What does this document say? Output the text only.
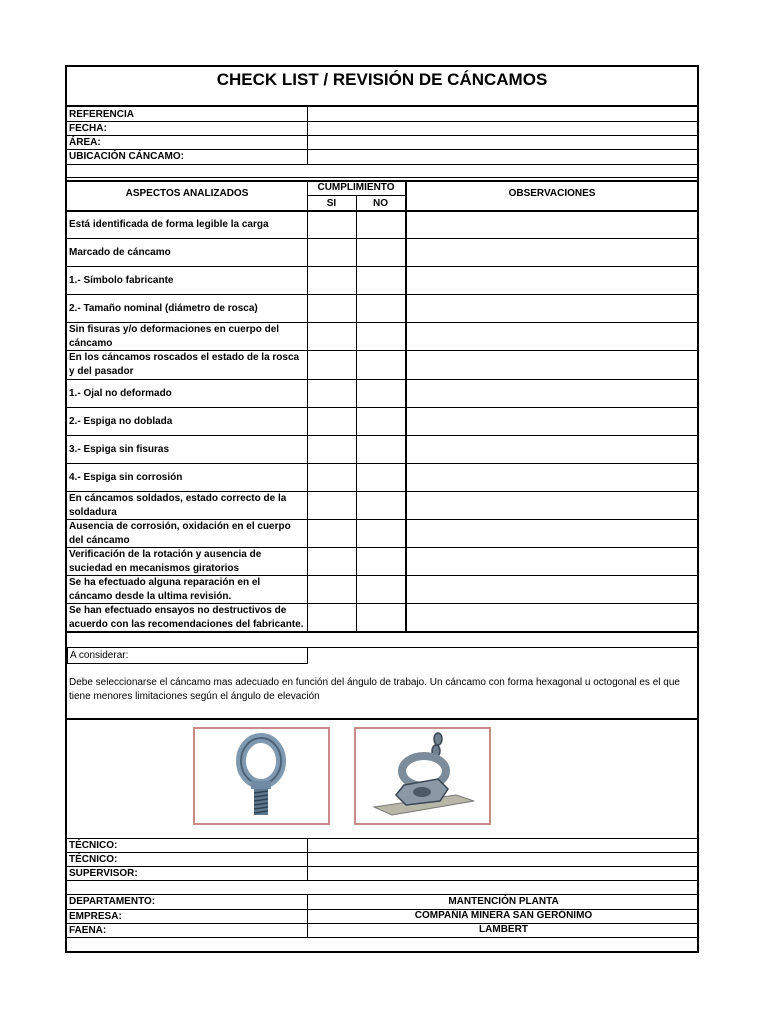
CHECK LIST / REVISIÓN DE CÁNCAMOS
REFERENCIA
FECHA:
ÁREA:
UBICACIÓN CÁNCAMO:
ASPECTOS ANALIZADOS
CUMPLIMIENTO
SI	NO
OBSERVACIONES
Está identificada de forma legible la carga
Marcado de cáncamo
1.- Símbolo fabricante
2.- Tamaño nominal (diámetro de rosca)
Sin fisuras y/o deformaciones en cuerpo del cáncamo
En los cáncamos roscados el estado de la rosca y del pasador
1.- Ojal no deformado
2.- Espiga no doblada
3.- Espiga sin fisuras
4.- Espiga sin corrosión
En cáncamos soldados, estado correcto de la soldadura
Ausencia de corrosión, oxidación en el cuerpo del cáncamo
Verificación de la rotación y ausencia de suciedad en mecanismos giratorios
Se ha efectuado alguna reparación en el cáncamo desde la ultima revisión.
Se han efectuado ensayos no destructivos de acuerdo con las recomendaciones del fabricante.
A considerar:
Debe seleccionarse el cáncamo mas adecuado en función del ángulo de trabajo. Un cáncamo con forma hexagonal u octogonal es el que tiene menores limitaciones según el ángulo de elevación
TÉCNICO:
TÉCNICO:
SUPERVISOR:
DEPARTAMENTO:	MANTENCIÓN PLANTA
EMPRESA:	COMPAÑIA MINERA SAN GERÓNIMO
FAENA:	LAMBERT
